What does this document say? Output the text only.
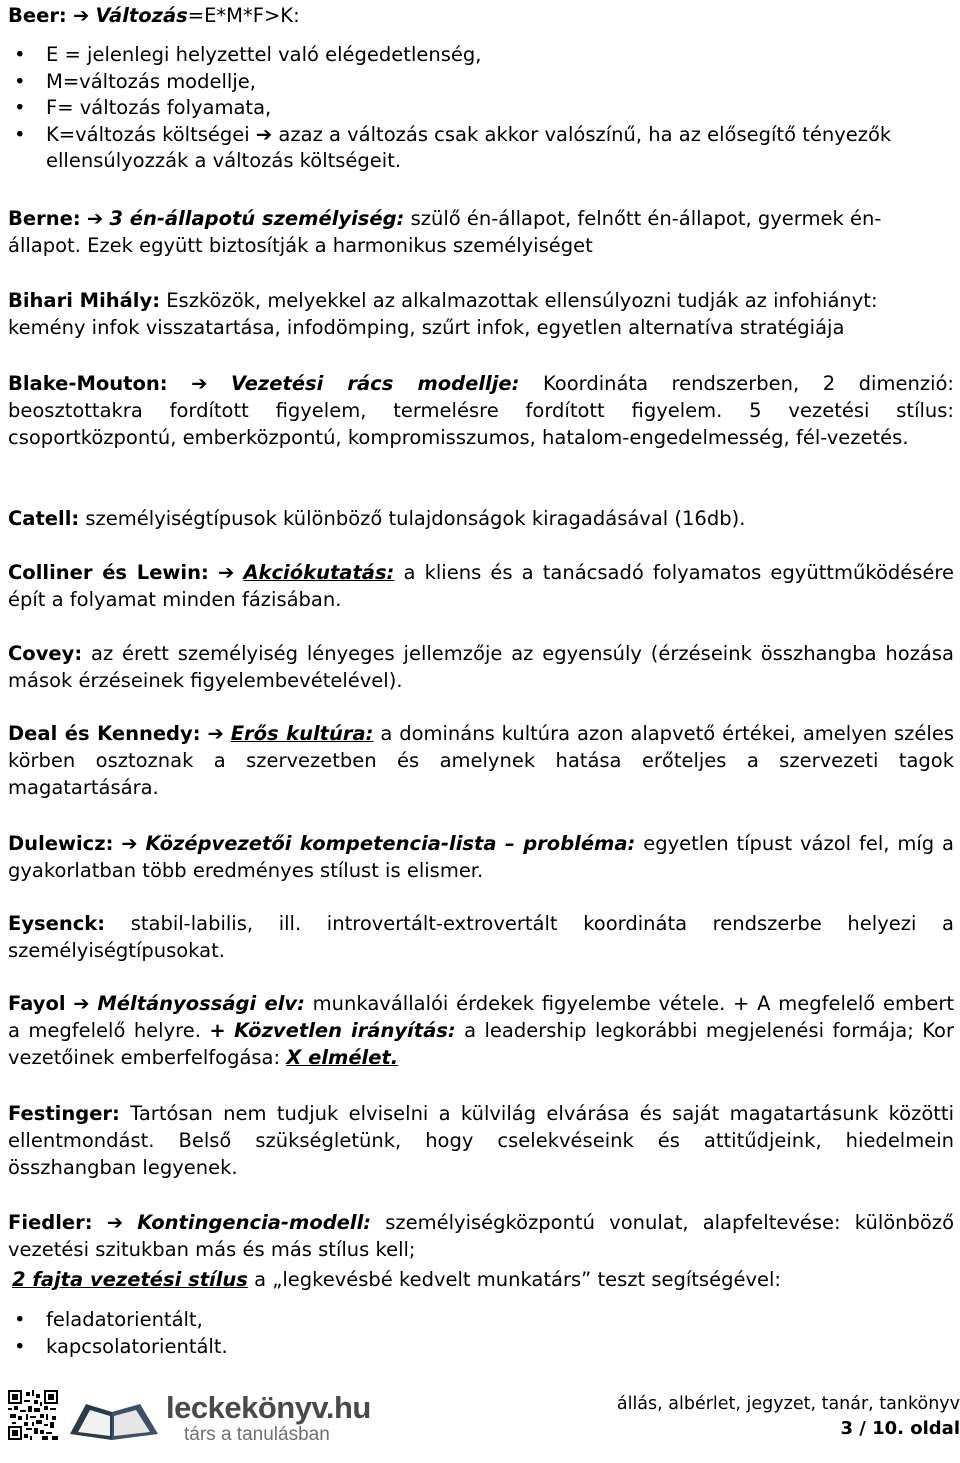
Beer: ➔ Változás=E*M*F>K:
• E = jelenlegi helyzettel való elégedetlenség,
• M=változás modellje,
• F= változás folyamata,
• K=változás költségei ➔ azaz a változás csak akkor valószínű, ha az elősegítő tényezők ellensúlyozzák a változás költségeit.
Berne: ➔ 3 én-állapotú személyiség: szülő én-állapot, felnőtt én-állapot, gyermek én-állapot. Ezek együtt biztosítják a harmonikus személyiséget
Bihari Mihály: Eszközök, melyekkel az alkalmazottak ellensúlyozni tudják az infohiányt: kemény infok visszatartása, infodömping, szűrt infok, egyetlen alternatíva stratégiája
Blake-Mouton: ➔ Vezetési rács modellje: Koordináta rendszerben, 2 dimenzió: beosztottakra fordított figyelem, termelésre fordított figyelem. 5 vezetési stílus: csoportközpontú, emberközpontú, kompromisszumos, hatalom-engedelmesség, fél-vezetés.
Catell: személyiségtípusok különböző tulajdonságok kiragadásával (16db).
Colliner és Lewin: ➔ Akciókutatás: a kliens és a tanácsadó folyamatos együttműködésére épít a folyamat minden fázisában.
Covey: az érett személyiség lényeges jellemzője az egyensúly (érzéseink összhangba hozása mások érzéseinek figyelembevételével).
Deal és Kennedy: ➔ Erős kultúra: a domináns kultúra azon alapvető értékei, amelyen széles körben osztoznak a szervezetben és amelynek hatása erőteljes a szervezeti tagok magatartására.
Dulewicz: ➔ Középvezetői kompetencia-lista – probléma: egyetlen típust vázol fel, míg a gyakorlatban több eredményes stílust is elismer.
Eysenck: stabil-labilis, ill. introvertált-extrovertált koordináta rendszerbe helyezi a személyiségtípusokat.
Fayol ➔ Méltányossági elv: munkavállalói érdekek figyelembe vétele. + A megfelelő embert a megfelelő helyre. + Közvetlen irányítás: a leadership legkorábbi megjelenési formája; Kor vezetőinek emberfelfogása: X elmélet.
Festinger: Tartósan nem tudjuk elviselni a külvilág elvárása és saját magatartásunk közötti ellentmondást. Belső szükségletünk, hogy cselekvéseink és attitűdjeink, hiedelmein összhangban legyenek.
Fiedler: ➔ Kontingencia-modell: személyiségközpontú vonulat, alapfeltevése: különböző vezetési szitukban más és más stílus kell;
2 fajta vezetési stílus a „legkevésbé kedvelt munkatárs” teszt segítségével:
• feladatorientált,
• kapcsolatorientált.
leckekönyv.hu
társ a tanulásban
állás, albérlet, jegyzet, tanár, tankönyv
3 / 10. oldal
